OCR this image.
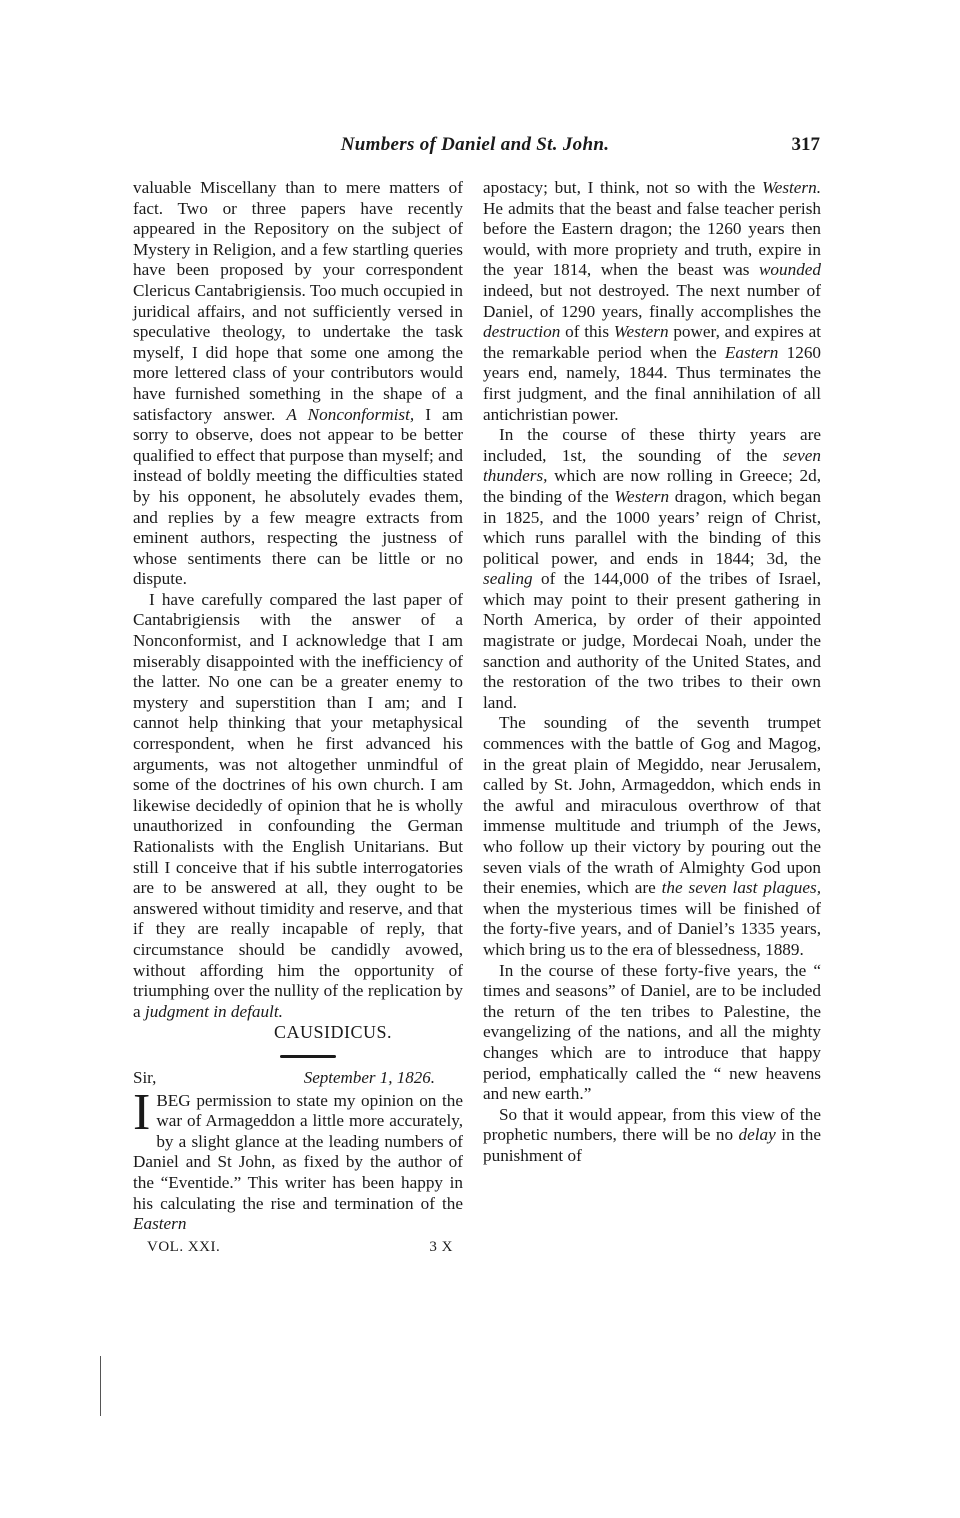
Numbers of Daniel and St. John.	317

valuable Miscellany than to mere matters of fact. Two or three papers have recently appeared in the Repository on the subject of Mystery in Religion, and a few startling queries have been proposed by your correspondent Clericus Cantabrigiensis. Too much occupied in juridical affairs, and not sufficiently versed in speculative theology, to undertake the task myself, I did hope that some one among the more lettered class of your contributors would have furnished something in the shape of a satisfactory answer. A Nonconformist, I am sorry to observe, does not appear to be better qualified to effect that purpose than myself; and instead of boldly meeting the difficulties stated by his opponent, he absolutely evades them, and replies by a few meagre extracts from eminent authors, respecting the justness of whose sentiments there can be little or no dispute.

I have carefully compared the last paper of Cantabrigiensis with the answer of a Nonconformist, and I acknowledge that I am miserably disappointed with the inefficiency of the latter. No one can be a greater enemy to mystery and superstition than I am; and I cannot help thinking that your metaphysical correspondent, when he first advanced his arguments, was not altogether unmindful of some of the doctrines of his own church. I am likewise decidedly of opinion that he is wholly unauthorized in confounding the German Rationalists with the English Unitarians. But still I conceive that if his subtle interrogatories are to be answered at all, they ought to be answered without timidity and reserve, and that if they are really incapable of reply, that circumstance should be candidly avowed, without affording him the opportunity of triumphing over the nullity of the replication by a judgment in default.

CAUSIDICUS.

Sir,	September 1, 1826.

IBEG permission to state my opinion on the war of Armageddon a little more accurately, by a slight glance at the leading numbers of Daniel and St John, as fixed by the author of the “Eventide.” This writer has been happy in his calculating the rise and termination of the Eastern

VOL. XXI.	3 X

apostacy; but, I think, not so with the Western. He admits that the beast and false teacher perish before the Eastern dragon; the 1260 years then would, with more propriety and truth, expire in the year 1814, when the beast was wounded indeed, but not destroyed. The next number of Daniel, of 1290 years, finally accomplishes the destruction of this Western power, and expires at the remarkable period when the Eastern 1260 years end, namely, 1844. Thus terminates the first judgment, and the final annihilation of all antichristian power.

In the course of these thirty years are included, 1st, the sounding of the seven thunders, which are now rolling in Greece; 2d, the binding of the Western dragon, which began in 1825, and the 1000 years’ reign of Christ, which runs parallel with the binding of this political power, and ends in 1844; 3d, the sealing of the 144,000 of the tribes of Israel, which may point to their present gathering in North America, by order of their appointed magistrate or judge, Mordecai Noah, under the sanction and authority of the United States, and the restoration of the two tribes to their own land.

The sounding of the seventh trumpet commences with the battle of Gog and Magog, in the great plain of Megiddo, near Jerusalem, called by St. John, Armageddon, which ends in the awful and miraculous overthrow of that immense multitude and triumph of the Jews, who follow up their victory by pouring out the seven vials of the wrath of Almighty God upon their enemies, which are the seven last plagues, when the mysterious times will be finished of the forty-five years, and of Daniel’s 1335 years, which bring us to the era of blessedness, 1889.

In the course of these forty-five years, the “ times and seasons” of Daniel, are to be included the return of the ten tribes to Palestine, the evangelizing of the nations, and all the mighty changes which are to introduce that happy period, emphatically called the “ new heavens and new earth.”

So that it would appear, from this view of the prophetic numbers, there will be no delay in the punishment of
